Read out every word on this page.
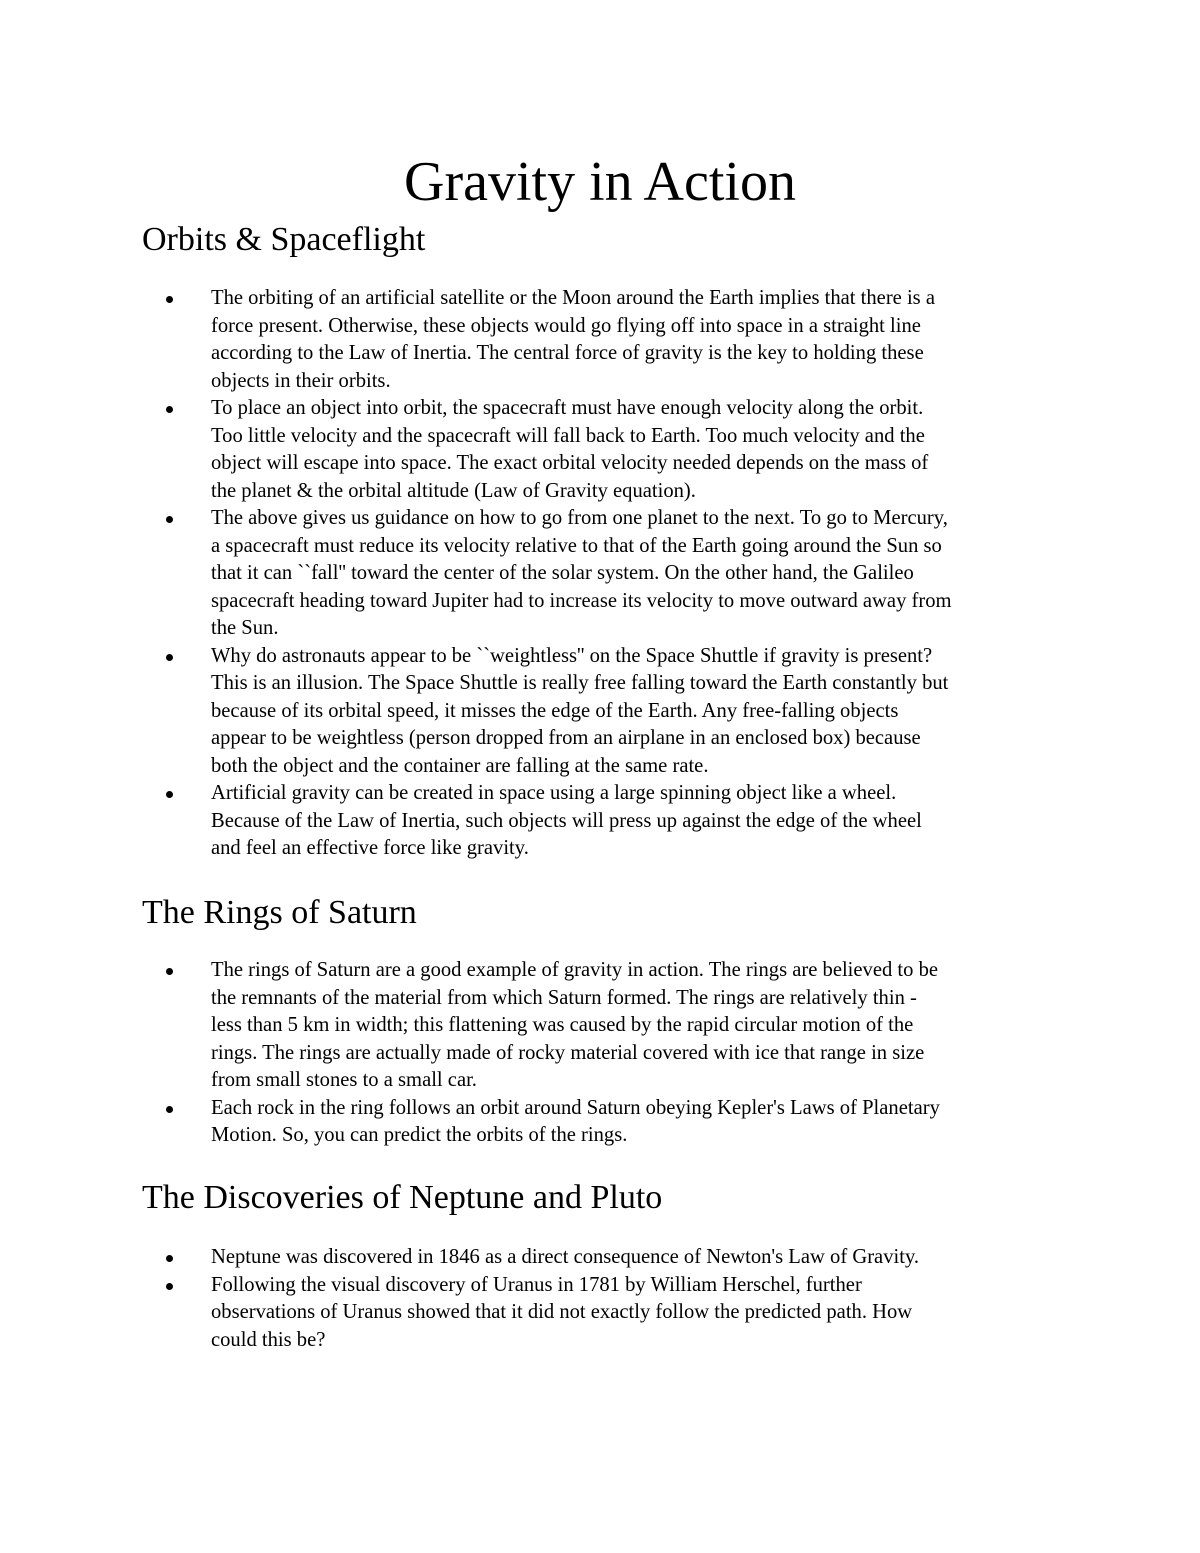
Gravity in Action
Orbits & Spaceflight
The orbiting of an artificial satellite or the Moon around the Earth implies that there is a
force present. Otherwise, these objects would go flying off into space in a straight line
according to the Law of Inertia. The central force of gravity is the key to holding these
objects in their orbits.
To place an object into orbit, the spacecraft must have enough velocity along the orbit.
Too little velocity and the spacecraft will fall back to Earth. Too much velocity and the
object will escape into space. The exact orbital velocity needed depends on the mass of
the planet & the orbital altitude (Law of Gravity equation).
The above gives us guidance on how to go from one planet to the next. To go to Mercury,
a spacecraft must reduce its velocity relative to that of the Earth going around the Sun so
that it can ``fall'' toward the center of the solar system. On the other hand, the Galileo
spacecraft heading toward Jupiter had to increase its velocity to move outward away from
the Sun.
Why do astronauts appear to be ``weightless'' on the Space Shuttle if gravity is present?
This is an illusion. The Space Shuttle is really free falling toward the Earth constantly but
because of its orbital speed, it misses the edge of the Earth. Any free-falling objects
appear to be weightless (person dropped from an airplane in an enclosed box) because
both the object and the container are falling at the same rate.
Artificial gravity can be created in space using a large spinning object like a wheel.
Because of the Law of Inertia, such objects will press up against the edge of the wheel
and feel an effective force like gravity.
The Rings of Saturn
The rings of Saturn are a good example of gravity in action. The rings are believed to be
the remnants of the material from which Saturn formed. The rings are relatively thin -
less than 5 km in width; this flattening was caused by the rapid circular motion of the
rings. The rings are actually made of rocky material covered with ice that range in size
from small stones to a small car.
Each rock in the ring follows an orbit around Saturn obeying Kepler's Laws of Planetary
Motion. So, you can predict the orbits of the rings.
The Discoveries of Neptune and Pluto
Neptune was discovered in 1846 as a direct consequence of Newton's Law of Gravity.
Following the visual discovery of Uranus in 1781 by William Herschel, further
observations of Uranus showed that it did not exactly follow the predicted path. How
could this be?
